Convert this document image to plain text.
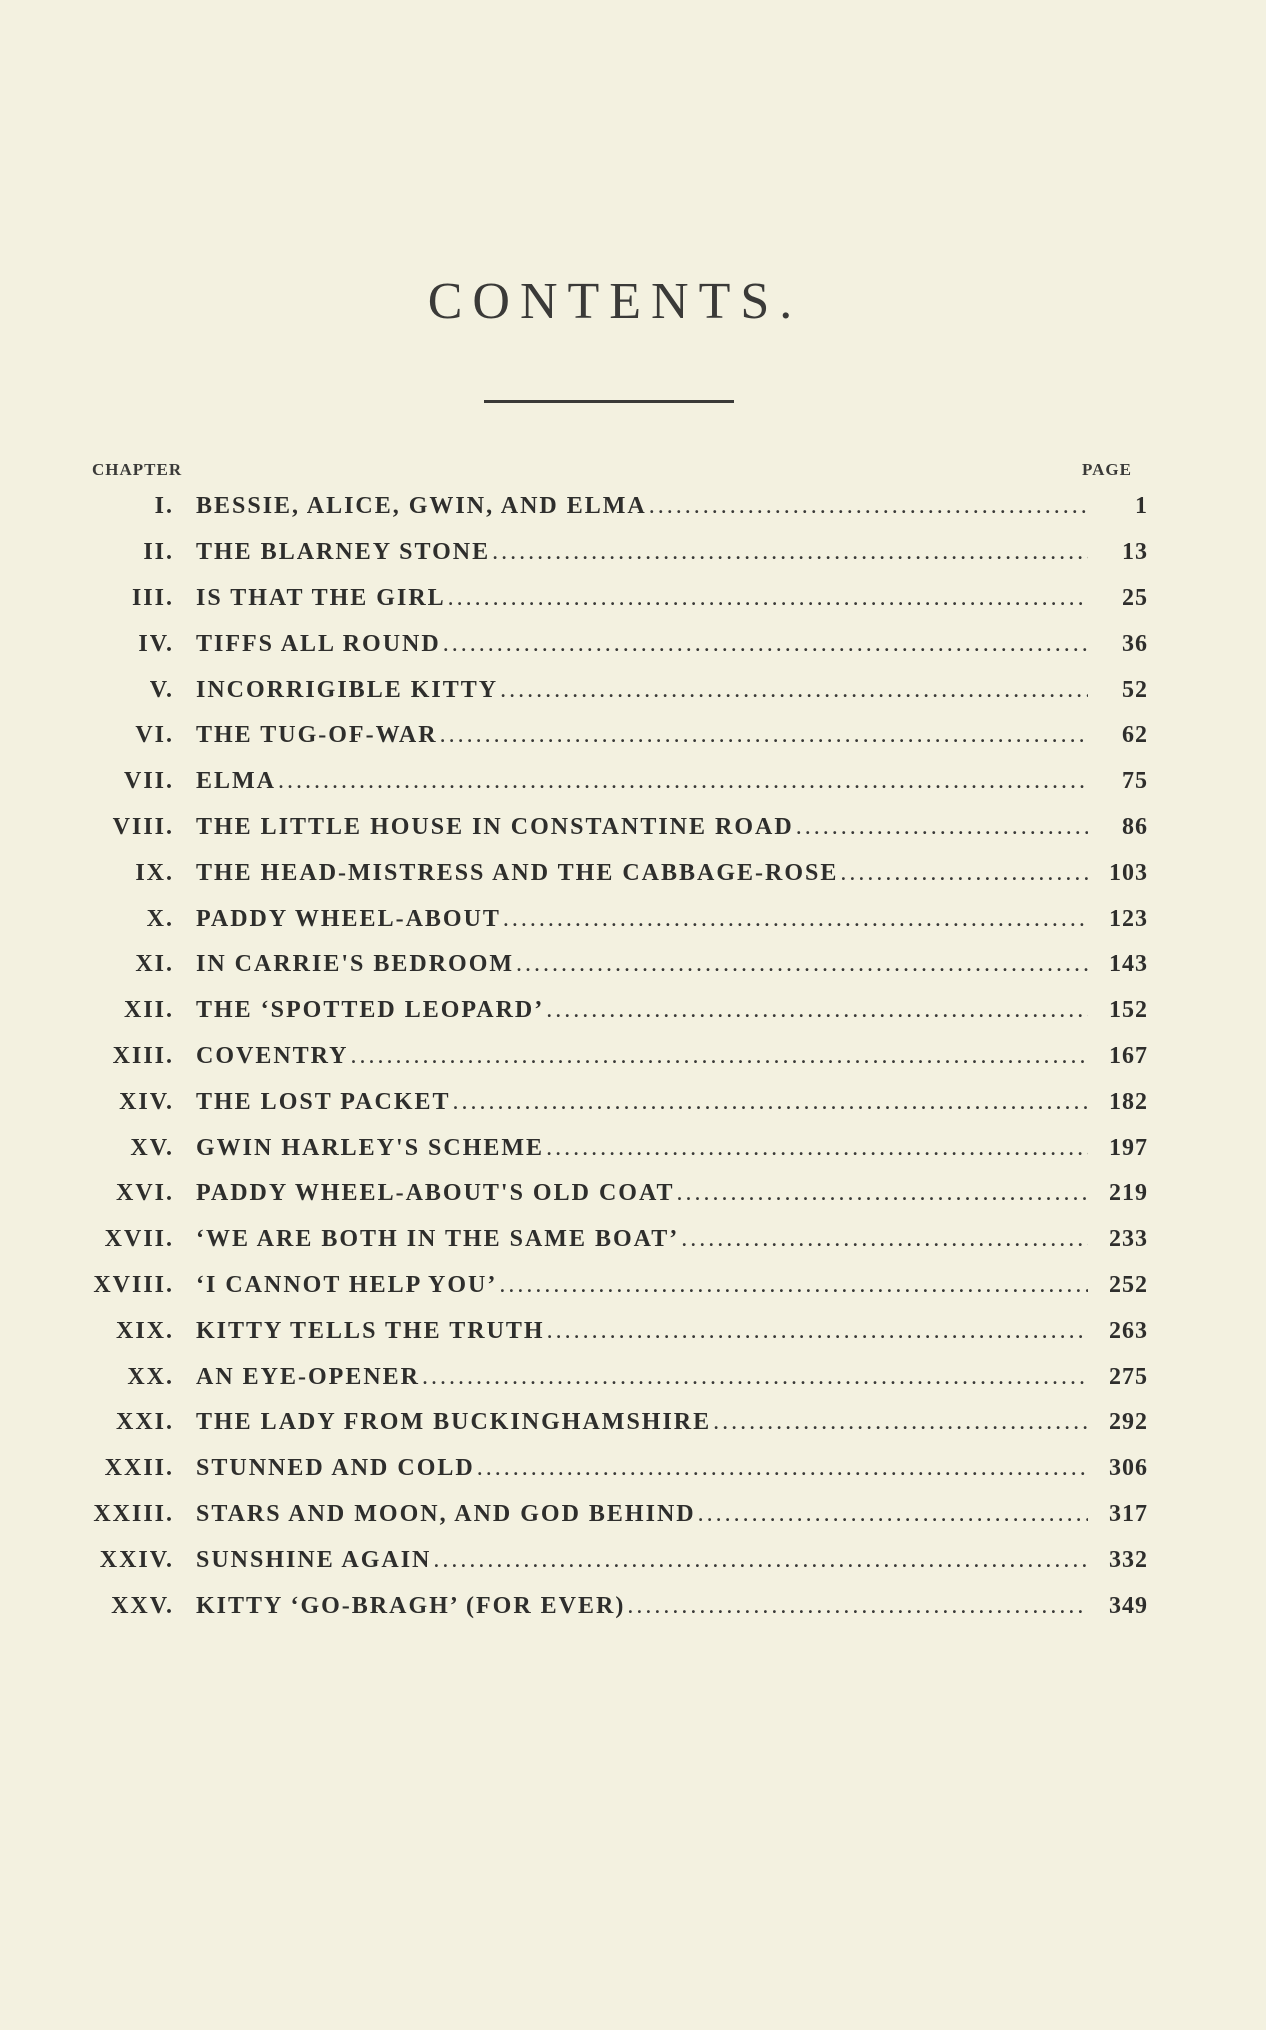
CONTENTS.
CHAPTER	PAGE
I. BESSIE, ALICE, GWIN, AND ELMA .....	1
II. THE BLARNEY STONE .....	13
III. IS THAT THE GIRL .....	25
IV. TIFFS ALL ROUND .....	36
V. INCORRIGIBLE KITTY .....	52
VI. THE TUG-OF-WAR .....	62
VII. ELMA .....	75
VIII. THE LITTLE HOUSE IN CONSTANTINE ROAD .....	86
IX. THE HEAD-MISTRESS AND THE CABBAGE-ROSE .....	103
X. PADDY WHEEL-ABOUT .....	123
XI. IN CARRIE'S BEDROOM .....	143
XII. THE ‘SPOTTED LEOPARD’ .....	152
XIII. COVENTRY .....	167
XIV. THE LOST PACKET .....	182
XV. GWIN HARLEY'S SCHEME .....	197
XVI. PADDY WHEEL-ABOUT'S OLD COAT .....	219
XVII. ‘WE ARE BOTH IN THE SAME BOAT’ .....	233
XVIII. ‘I CANNOT HELP YOU’ .....	252
XIX. KITTY TELLS THE TRUTH .....	263
XX. AN EYE-OPENER .....	275
XXI. THE LADY FROM BUCKINGHAMSHIRE .....	292
XXII. STUNNED AND COLD .....	306
XXIII. STARS AND MOON, AND GOD BEHIND .....	317
XXIV. SUNSHINE AGAIN .....	332
XXV. KITTY ‘GO-BRAGH’ (FOR EVER) .....	349
